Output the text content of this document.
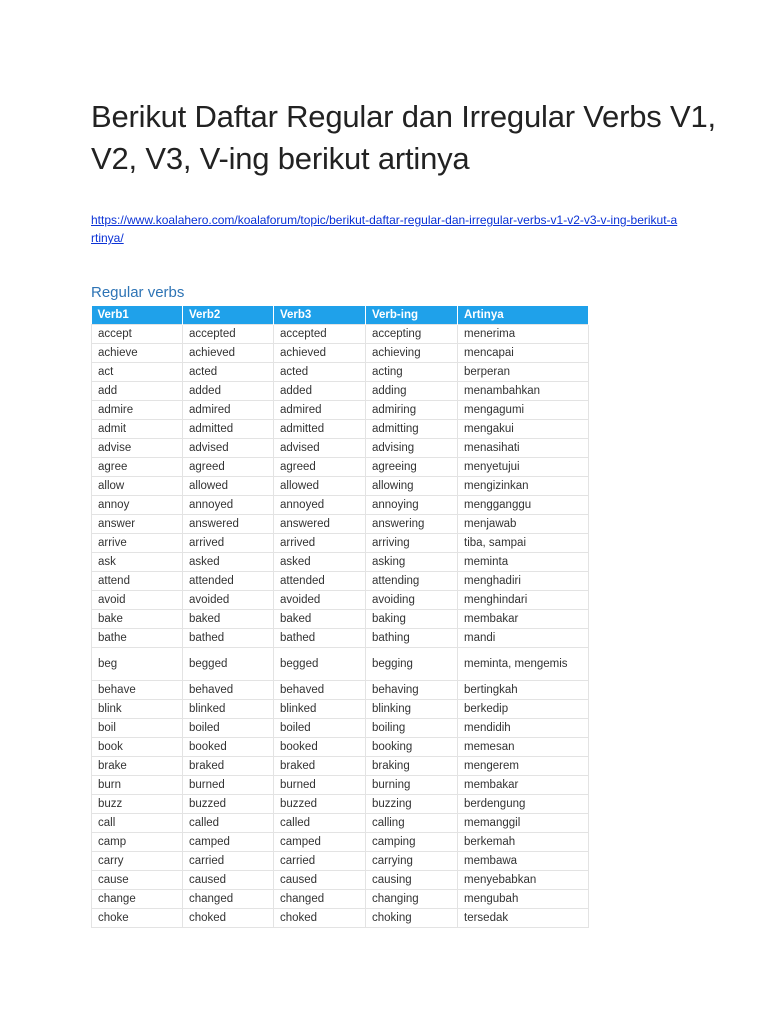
Berikut Daftar Regular dan Irregular Verbs V1, V2, V3, V-ing berikut artinya
https://www.koalahero.com/koalaforum/topic/berikut-daftar-regular-dan-irregular-verbs-v1-v2-v3-v-ing-berikut-artinya/
Regular verbs
Verb1	Verb2	Verb3	Verb-ing	Artinya
accept	accepted	accepted	accepting	menerima
achieve	achieved	achieved	achieving	mencapai
act	acted	acted	acting	berperan
add	added	added	adding	menambahkan
admire	admired	admired	admiring	mengagumi
admit	admitted	admitted	admitting	mengakui
advise	advised	advised	advising	menasihati
agree	agreed	agreed	agreeing	menyetujui
allow	allowed	allowed	allowing	mengizinkan
annoy	annoyed	annoyed	annoying	mengganggu
answer	answered	answered	answering	menjawab
arrive	arrived	arrived	arriving	tiba, sampai
ask	asked	asked	asking	meminta
attend	attended	attended	attending	menghadiri
avoid	avoided	avoided	avoiding	menghindari
bake	baked	baked	baking	membakar
bathe	bathed	bathed	bathing	mandi
beg	begged	begged	begging	meminta, mengemis
behave	behaved	behaved	behaving	bertingkah
blink	blinked	blinked	blinking	berkedip
boil	boiled	boiled	boiling	mendidih
book	booked	booked	booking	memesan
brake	braked	braked	braking	mengerem
burn	burned	burned	burning	membakar
buzz	buzzed	buzzed	buzzing	berdengung
call	called	called	calling	memanggil
camp	camped	camped	camping	berkemah
carry	carried	carried	carrying	membawa
cause	caused	caused	causing	menyebabkan
change	changed	changed	changing	mengubah
choke	choked	choked	choking	tersedak
